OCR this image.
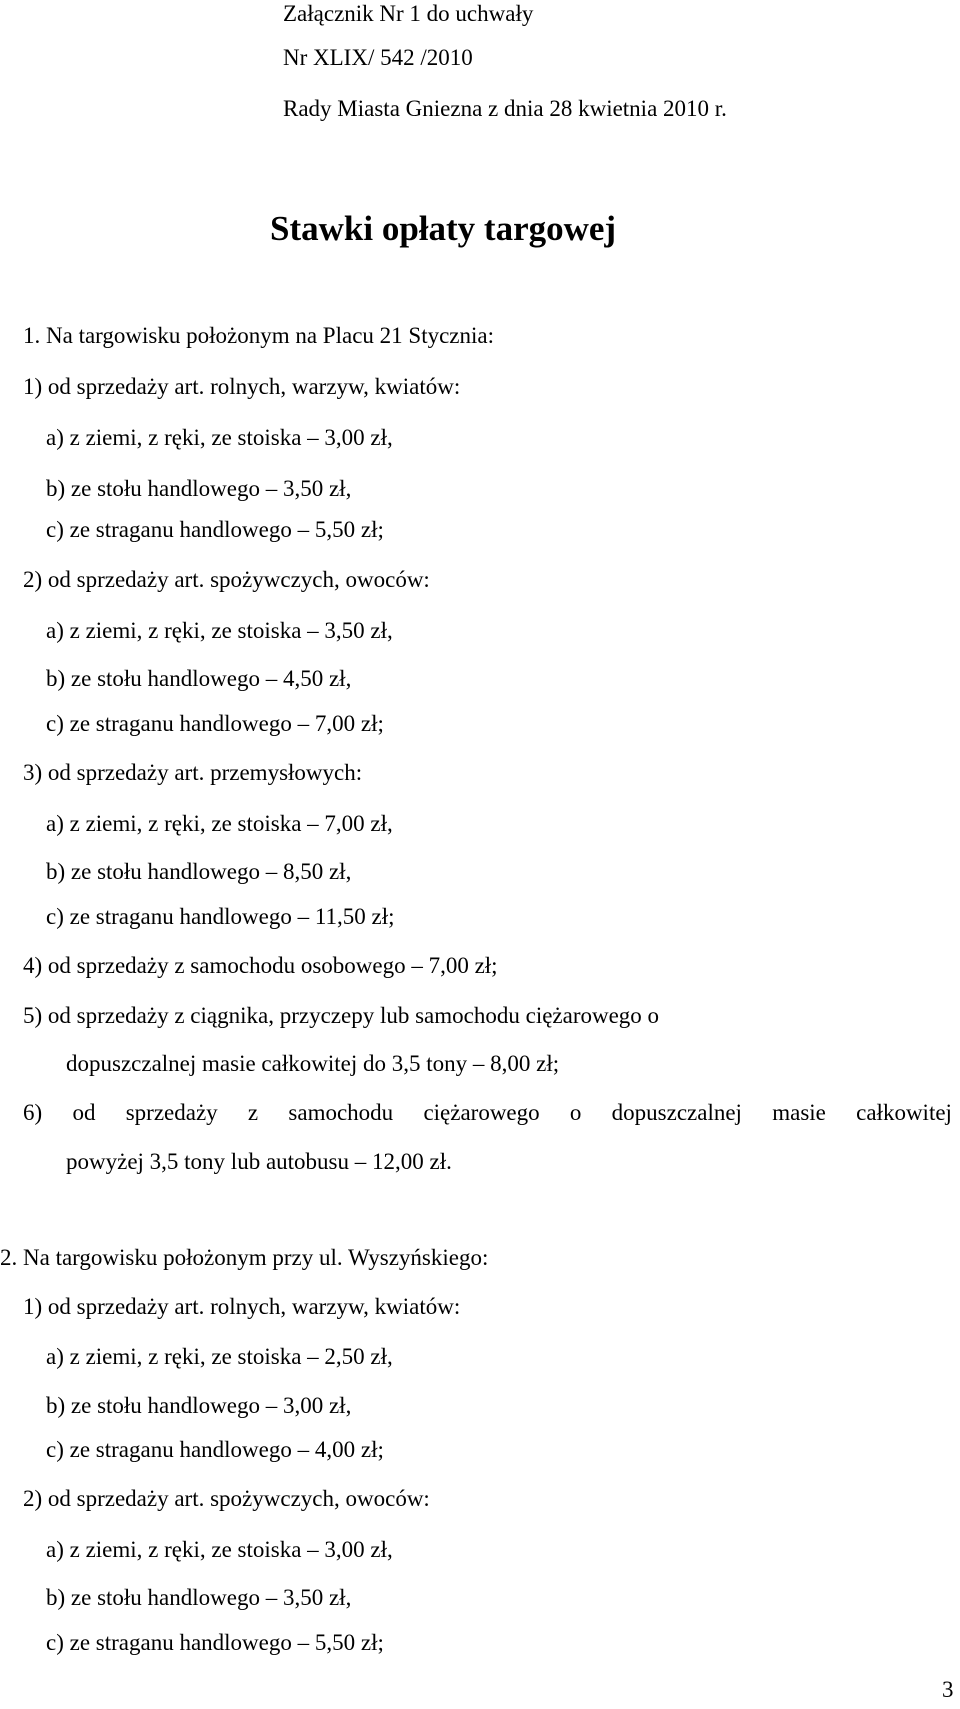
Załącznik Nr 1 do uchwały
Nr XLIX/ 542 /2010
Rady Miasta Gniezna z dnia 28 kwietnia 2010 r.
Stawki opłaty targowej
1. Na targowisku położonym na Placu 21 Stycznia:
1) od sprzedaży art. rolnych, warzyw, kwiatów:
a) z ziemi, z ręki, ze stoiska – 3,00 zł,
b) ze stołu handlowego – 3,50 zł,
c) ze straganu handlowego – 5,50 zł;
2) od sprzedaży art. spożywczych, owoców:
a) z ziemi, z ręki, ze stoiska – 3,50 zł,
b) ze stołu handlowego – 4,50 zł,
c) ze straganu handlowego – 7,00 zł;
3) od sprzedaży art. przemysłowych:
a) z ziemi, z ręki, ze stoiska – 7,00 zł,
b) ze stołu handlowego – 8,50 zł,
c) ze straganu handlowego – 11,50 zł;
4) od sprzedaży z samochodu osobowego – 7,00 zł;
5) od sprzedaży z ciągnika, przyczepy lub samochodu ciężarowego o
dopuszczalnej masie całkowitej do 3,5 tony – 8,00 zł;
6) od sprzedaży z samochodu ciężarowego o dopuszczalnej masie całkowitej
powyżej 3,5 tony lub autobusu – 12,00 zł.
2. Na targowisku położonym przy ul. Wyszyńskiego:
1) od sprzedaży art. rolnych, warzyw, kwiatów:
a) z ziemi, z ręki, ze stoiska – 2,50 zł,
b) ze stołu handlowego – 3,00 zł,
c) ze straganu handlowego – 4,00 zł;
2) od sprzedaży art. spożywczych, owoców:
a) z ziemi, z ręki, ze stoiska – 3,00 zł,
b) ze stołu handlowego – 3,50 zł,
c) ze straganu handlowego – 5,50 zł;
3
